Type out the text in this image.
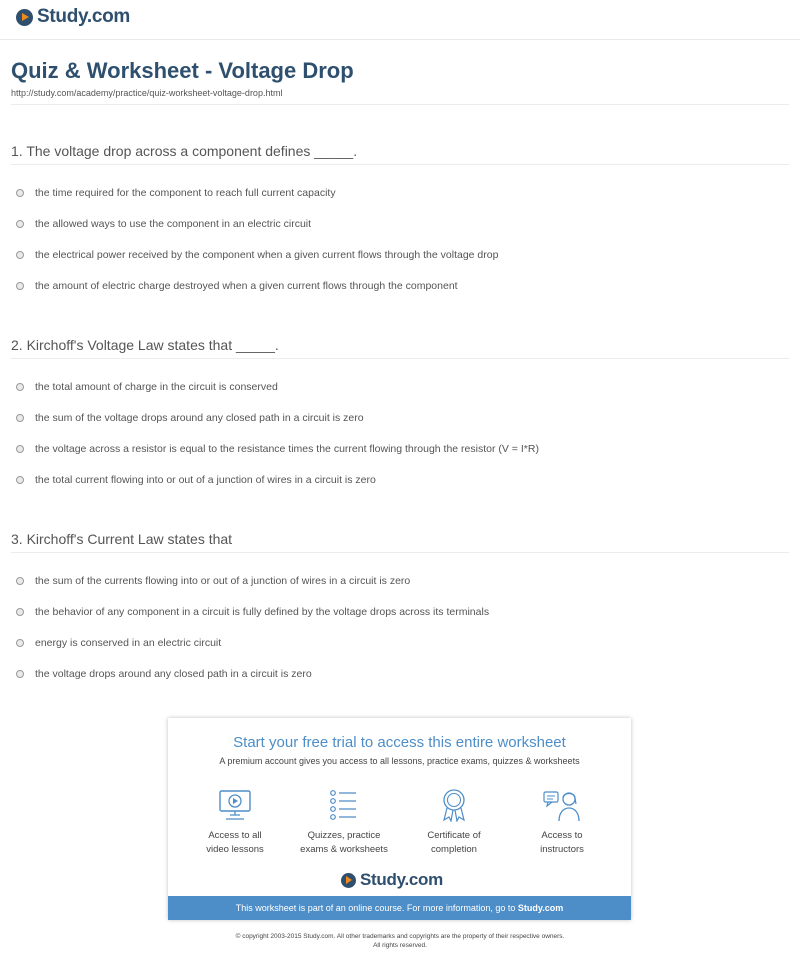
Study.com
Quiz & Worksheet - Voltage Drop
http://study.com/academy/practice/quiz-worksheet-voltage-drop.html
1. The voltage drop across a component defines _____.
the time required for the component to reach full current capacity
the allowed ways to use the component in an electric circuit
the electrical power received by the component when a given current flows through the voltage drop
the amount of electric charge destroyed when a given current flows through the component
2. Kirchoff's Voltage Law states that _____.
the total amount of charge in the circuit is conserved
the sum of the voltage drops around any closed path in a circuit is zero
the voltage across a resistor is equal to the resistance times the current flowing through the resistor (V = I*R)
the total current flowing into or out of a junction of wires in a circuit is zero
3. Kirchoff's Current Law states that
the sum of the currents flowing into or out of a junction of wires in a circuit is zero
the behavior of any component in a circuit is fully defined by the voltage drops across its terminals
energy is conserved in an electric circuit
the voltage drops around any closed path in a circuit is zero
Start your free trial to access this entire worksheet
A premium account gives you access to all lessons, practice exams, quizzes & worksheets
Access to all
video lessons
Quizzes, practice
exams & worksheets
Certificate of
completion
Access to
instructors
Study.com
This worksheet is part of an online course. For more information, go to Study.com
© copyright 2003-2015 Study.com. All other trademarks and copyrights are the property of their respective owners.
All rights reserved.
